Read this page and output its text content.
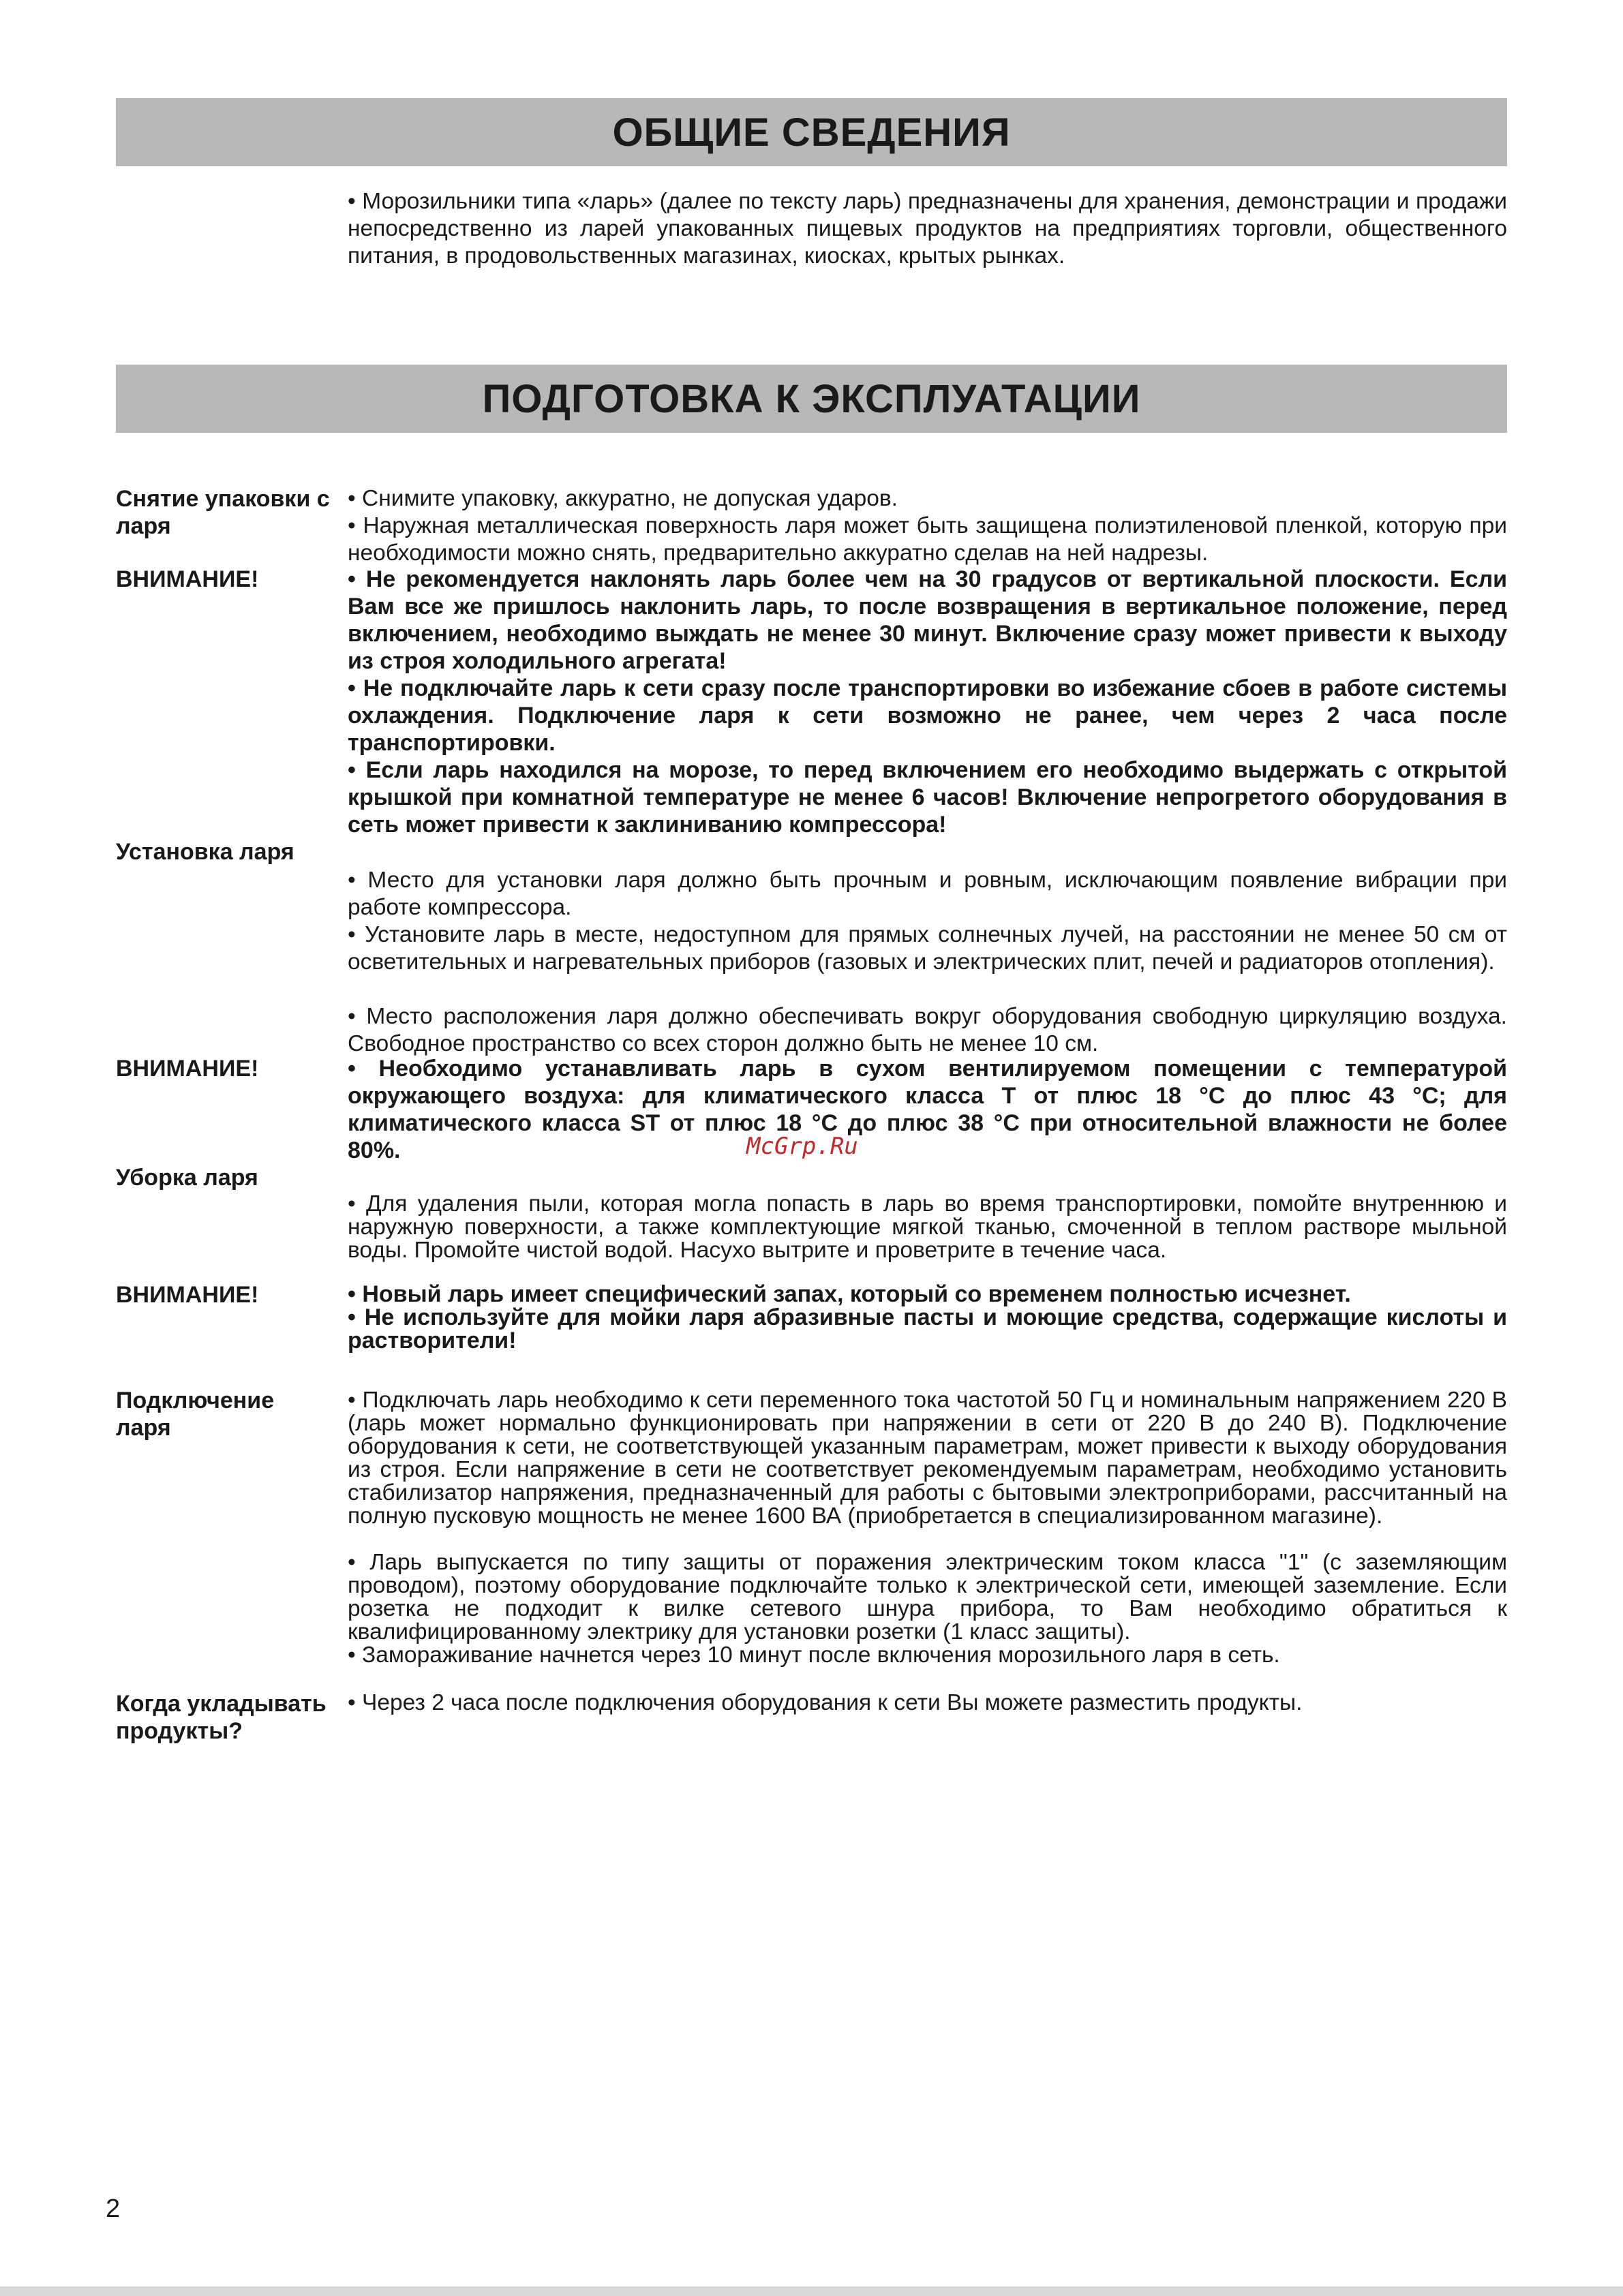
ОБЩИЕ СВЕДЕНИЯ

• Морозильники типа «ларь» (далее по тексту ларь) предназначены для хранения, демонстрации и продажи непосредственно из ларей упакованных пищевых продуктов на предприятиях торговли, общественного питания, в продовольственных магазинах, киосках, крытых рынках.

ПОДГОТОВКА К ЭКСПЛУАТАЦИИ

Снятие упаковки с ларя

• Снимите упаковку, аккуратно, не допуская ударов.

• Наружная металлическая поверхность ларя может быть защищена полиэтиленовой пленкой, которую при необходимости можно снять, предварительно аккуратно сделав на ней надрезы.

ВНИМАНИЕ!	• Не рекомендуется наклонять ларь более чем на 30 градусов от вертикальной плоскости. Если Вам все же пришлось наклонить ларь, то после возвращения в вертикальное положение, перед включением, необходимо выждать не менее 30 минут. Включение сразу может привести к выходу из строя холодильного агрегата!

• Не подключайте ларь к сети сразу после транспортировки во избежание сбоев в работе системы охлаждения. Подключение ларя к сети возможно не ранее, чем через 2 часа после транспортировки.

• Если ларь находился на морозе, то перед включением его необходимо выдержать с открытой крышкой при комнатной температуре не менее 6 часов! Включение непрогретого оборудования в сеть может привести к заклиниванию компрессора!

Установка ларя

• Место для установки ларя должно быть прочным и ровным, исключающим появление вибрации при работе компрессора.

• Установите ларь в месте, недоступном для прямых солнечных лучей, на расстоянии не менее 50 см от осветительных и нагревательных приборов (газовых и электрических плит, печей и радиаторов отопления).

• Место расположения ларя должно обеспечивать вокруг оборудования свободную циркуляцию воздуха. Свободное пространство со всех сторон должно быть не менее 10 см.

ВНИМАНИЕ!	• Необходимо устанавливать ларь в сухом вентилируемом помещении с температурой окружающего воздуха: для климатического класса Т от плюс 18 °С до плюс 43 °С; для климатического класса ST от плюс 18 °С до плюс 38 °С при относительной влажности не более 80%.	McGrp.Ru

Уборка ларя

• Для удаления пыли, которая могла попасть в ларь во время транспортировки, помойте внутреннюю и наружную поверхности, а также комплектующие мягкой тканью, смоченной в теплом растворе мыльной воды. Промойте чистой водой. Насухо вытрите и проветрите в течение часа.

ВНИМАНИЕ!	• Новый ларь имеет специфический запах, который со временем полностью исчезнет.

• Не используйте для мойки ларя абразивные пасты и моющие средства, содержащие кислоты и растворители!

Подключение ларя

• Подключать ларь необходимо к сети переменного тока частотой 50 Гц и номинальным напряжением 220 В (ларь может нормально функционировать при напряжении в сети от 220 В до 240 В). Подключение оборудования к сети, не соответствующей указанным параметрам, может привести к выходу оборудования из строя. Если напряжение в сети не соответствует рекомендуемым параметрам, необходимо установить стабилизатор напряжения, предназначенный для работы с бытовыми электроприборами, рассчитанный на полную пусковую мощность не менее 1600 ВА (приобретается в специализированном магазине).

• Ларь выпускается по типу защиты от поражения электрическим током класса "1" (с заземляющим проводом), поэтому оборудование подключайте только к электрической сети, имеющей заземление. Если розетка не подходит к вилке сетевого шнура прибора, то Вам необходимо обратиться к квалифицированному электрику для установки розетки (1 класс защиты).

• Замораживание начнется через 10 минут после включения морозильного ларя в сеть.

Когда укладывать продукты?

• Через 2 часа после подключения оборудования к сети Вы можете разместить продукты.

2
